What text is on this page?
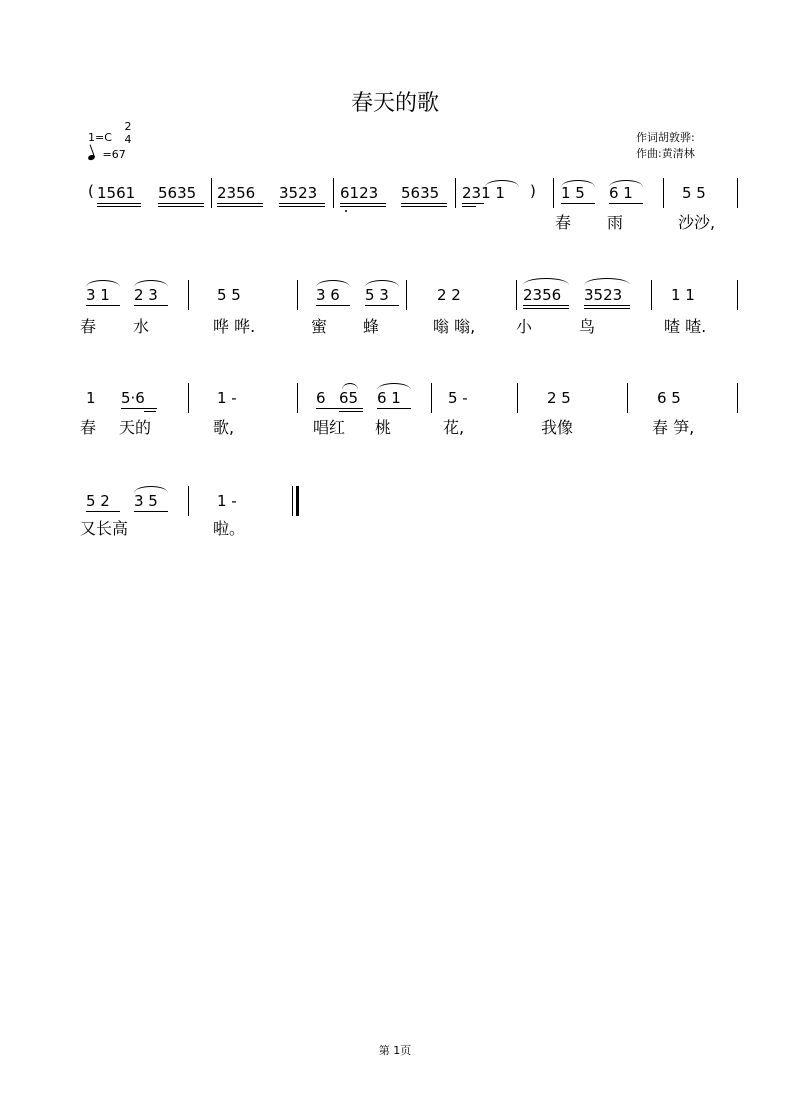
春天的歌
1=C
2
4
=67
作词胡敦骅:
作曲:黄清林
( 1561 5635 2356 3523 6123 5635 231 1 ) 1 5 6 1	5 5
春 雨	沙沙,
3 1 2 3	5 5	3 6 5 3	2 2	2356 3523	1 1
春 水	哗 哗.	蜜 蜂	嗡 嗡,	小	鸟	喳 喳.
1 5·6	1 -	6 65 6 1	5 -	2 5	6 5
春 天的	歌,	唱红 桃	花,	我像	春 笋,
5 2 3 5	1 -
又长高	啦。
第 1页
